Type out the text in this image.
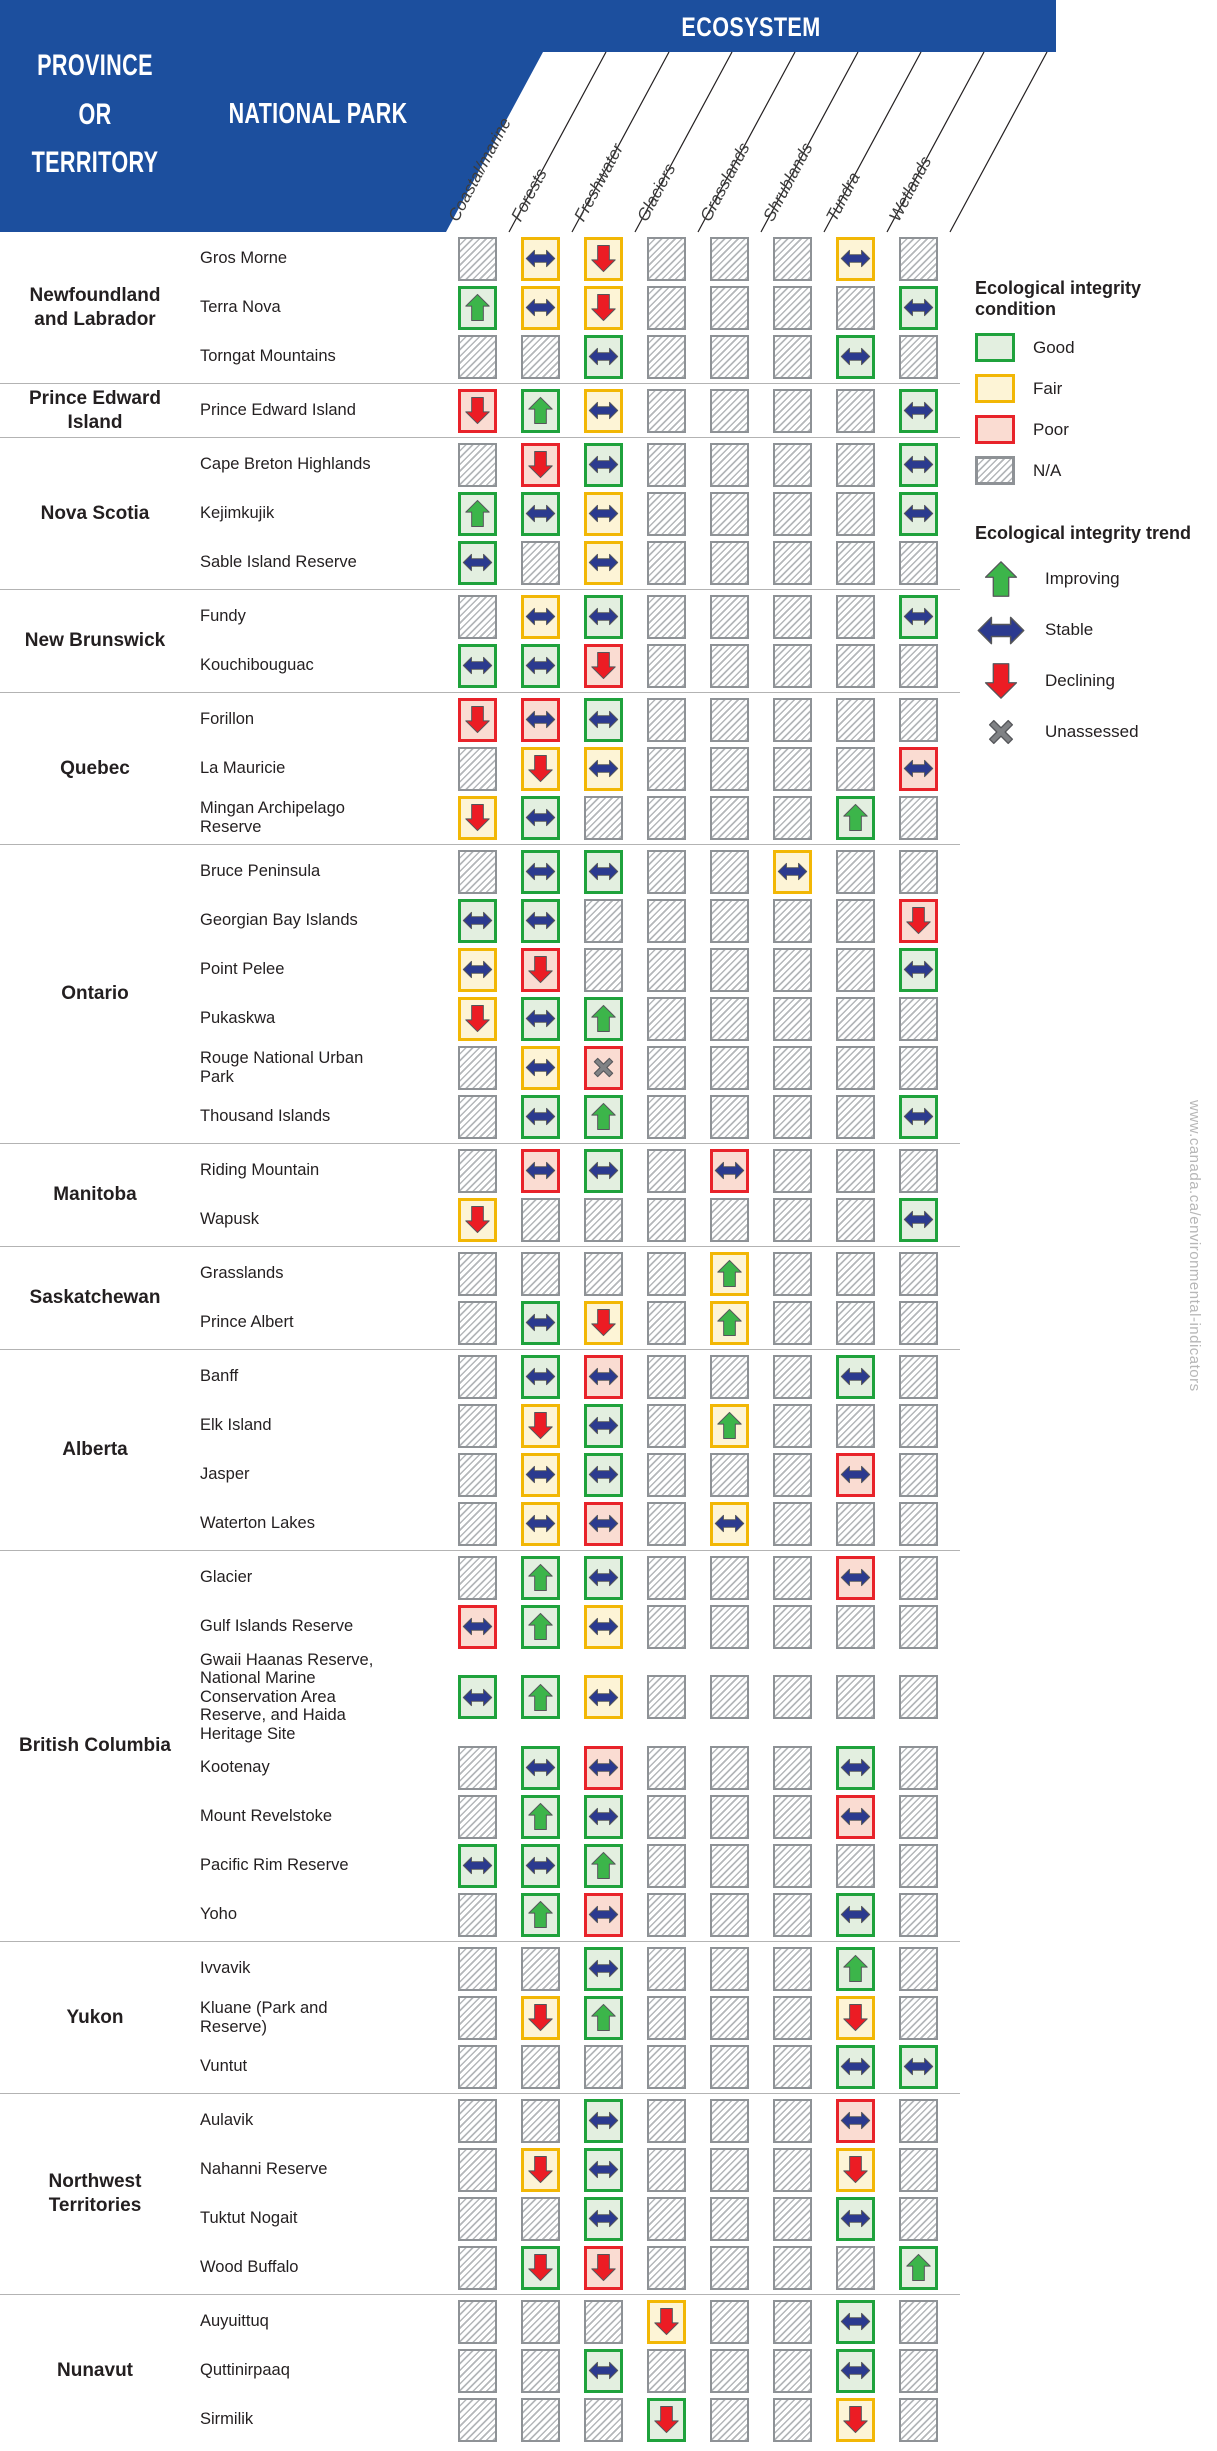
PROVINCE OR TERRITORY
NATIONAL PARK
ECOSYSTEM
Coastal/marine
Forests Freshwater Glaciers Grasslands Shrublands Tundra Wetlands
Newfoundland and Labrador
Gros Morne
Terra Nova
Torngat Mountains
Prince Edward Island
Prince Edward Island
Nova Scotia
Cape Breton Highlands
Kejimkujik
Sable Island Reserve
New Brunswick
Fundy
Kouchibouguac
Quebec
Forillon
La Mauricie
Mingan Archipelago Reserve
Ontario
Bruce Peninsula
Georgian Bay Islands
Point Pelee
Pukaskwa
Rouge National Urban Park
Thousand Islands
Manitoba
Riding Mountain
Wapusk
Saskatchewan
Grasslands
Prince Albert
Alberta
Banff
Elk Island
Jasper
Waterton Lakes
British Columbia
Glacier
Gulf Islands Reserve
Gwaii Haanas Reserve, National Marine Conservation Area Reserve, and Haida Heritage Site
Kootenay
Mount Revelstoke
Pacific Rim Reserve
Yoho
Yukon
Ivvavik
Kluane (Park and Reserve)
Vuntut
Northwest Territories
Aulavik
Nahanni Reserve
Tuktut Nogait
Wood Buffalo
Nunavut
Auyuittuq
Quttinirpaaq
Sirmilik
Ecological integrity condition
Good
Fair
Poor
N/A
Ecological integrity trend
Improving
Stable
Declining
Unassessed
www.canada.ca/environmental-indicators
